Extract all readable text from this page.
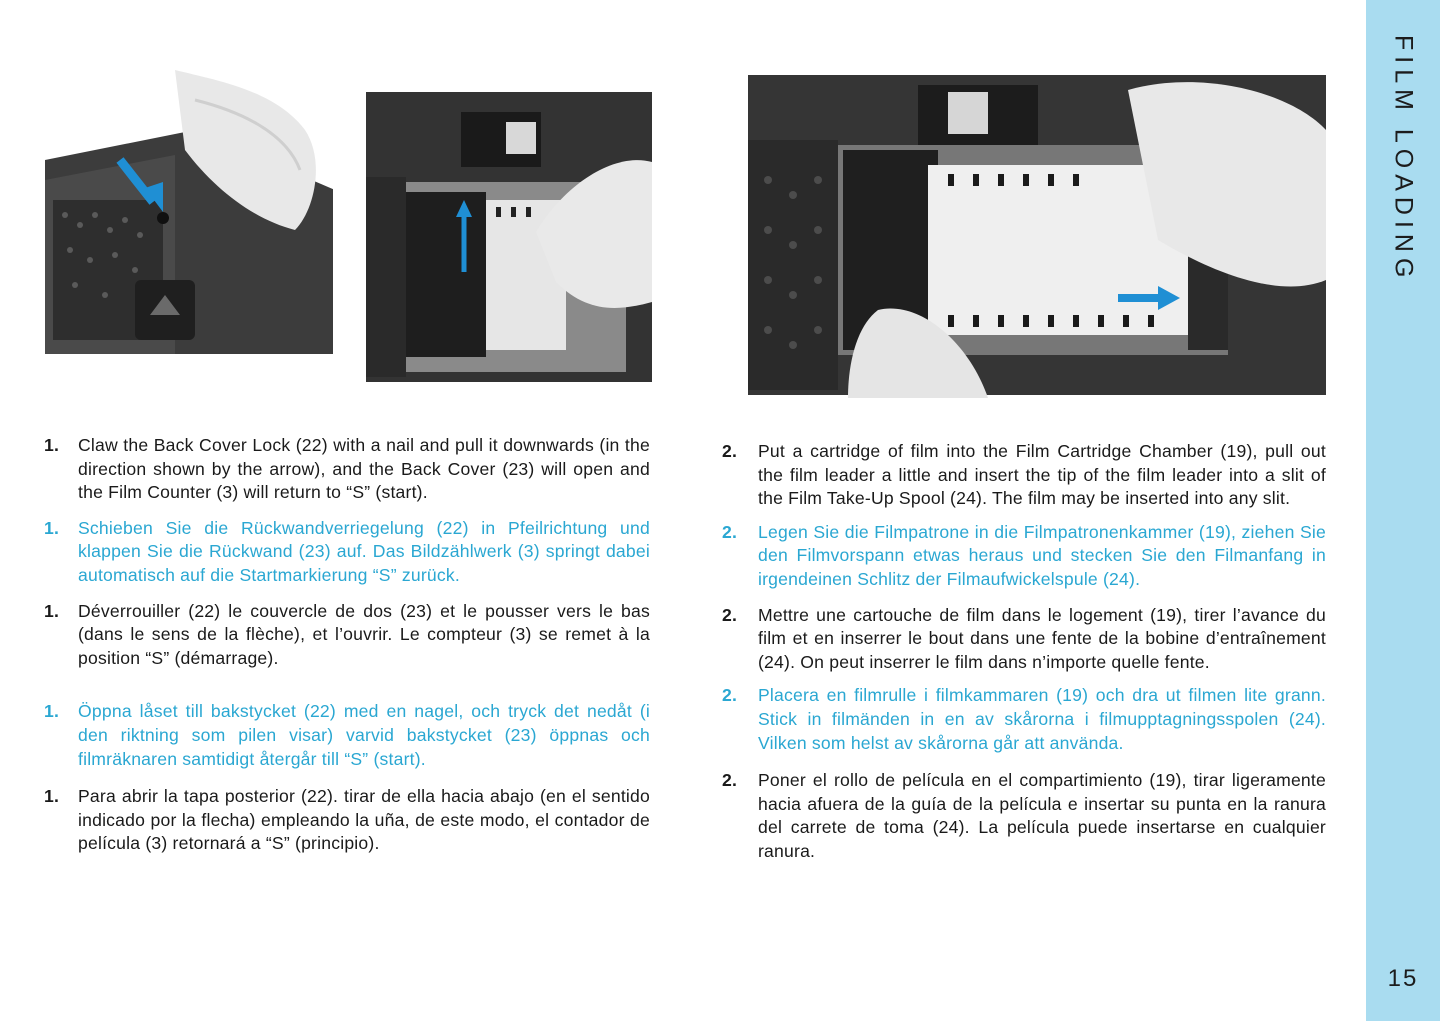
1.	Claw the Back Cover Lock (22) with a nail and pull it downwards (in the direction shown by the arrow), and the Back Cover (23) will open and the Film Counter (3) will return to “S” (start).
1.	Schieben Sie die Rückwandverriegelung (22) in Pfeilrichtung und klappen Sie die Rückwand (23) auf. Das Bildzählwerk (3) springt dabei automatisch auf die Startmarkierung “S” zurück.
1.	Déverrouiller (22) le couvercle de dos (23) et le pousser vers le bas (dans le sens de la flèche), et l’ouvrir. Le compteur (3) se remet à la position “S” (démarrage).
1.	Öppna låset till bakstycket (22) med en nagel, och tryck det nedåt (i den riktning som pilen visar) varvid bakstycket (23) öppnas och filmräknaren samtidigt återgår till “S” (start).
1.	Para abrir la tapa posterior (22). tirar de ella hacia abajo (en el sentido indicado por la flecha) empleando la uña, de este modo, el contador de película (3) retornará a “S” (principio).
2.	Put a cartridge of film into the Film Cartridge Chamber (19), pull out the film leader a little and insert the tip of the film leader into a slit of the Film Take-Up Spool (24). The film may be inserted into any slit.
2.	Legen Sie die Filmpatrone in die Filmpatronenkammer (19), ziehen Sie den Filmvorspann etwas heraus und stecken Sie den Filmanfang in irgendeinen Schlitz der Filmaufwickelspule (24).
2.	Mettre une cartouche de film dans le logement (19), tirer l’avance du film et en inserrer le bout dans une fente de la bobine d’entraînement (24). On peut inserrer le film dans n’importe quelle fente.
2.	Placera en filmrulle i filmkammaren (19) och dra ut filmen lite grann. Stick in filmänden in en av skårorna i filmupptagningsspolen (24). Vilken som helst av skårorna går att använda.
2.	Poner el rollo de película en el compartimiento (19), tirar ligeramente hacia afuera de la guía de la película e insertar su punta en la ranura del carrete de toma (24). La película puede insertarse en cualquier ranura.
FILM LOADING
15
